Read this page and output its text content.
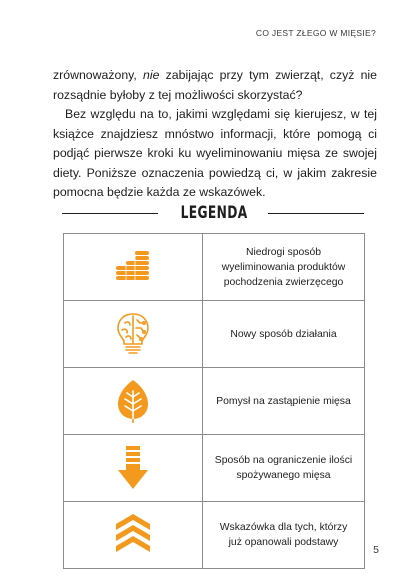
CO JEST ZŁEGO W MIĘSIE?

zrównoważony, nie zabijając przy tym zwierząt, czyż nie rozsądnie byłoby z tej możliwości skorzystać?

Bez względu na to, jakimi względami się kierujesz, w tej książce znajdziesz mnóstwo informacji, które pomogą ci podjąć pierwsze kroki ku wyeliminowaniu mięsa ze swojej diety. Poniższe oznaczenia powiedzą ci, w jakim zakresie pomocna będzie każda ze wskazówek.

LEGENDA
	Niedrogi sposób wyeliminowania produktów pochodzenia zwierzęcego

	Nowy sposób działania

	Pomysł na zastąpienie mięsa

	Sposób na ograniczenie ilości spożywanego mięsa

	Wskazówka dla tych, którzy już opanowali podstawy
5
